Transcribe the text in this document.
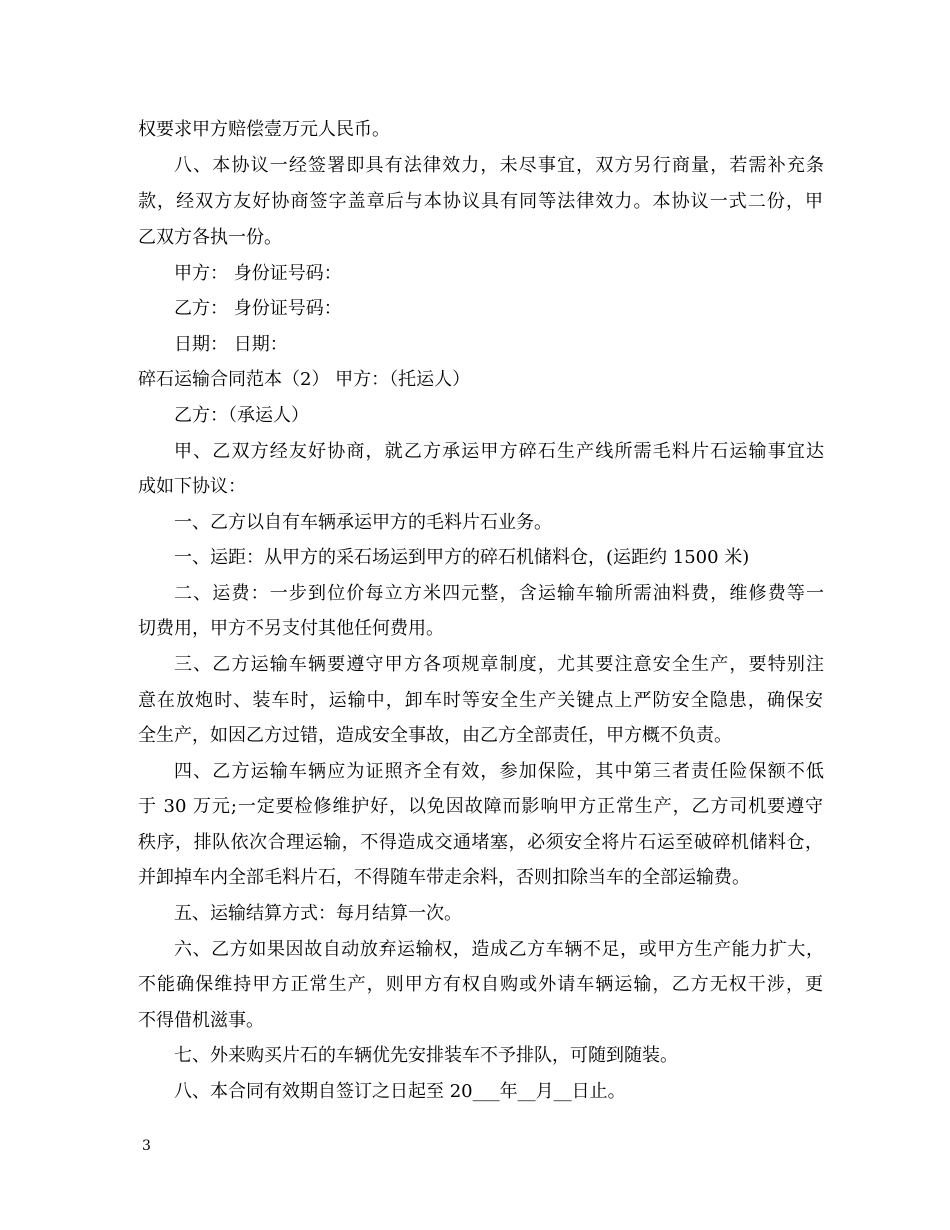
权要求甲方赔偿壹万元人民币。
八、本协议一经签署即具有法律效力，未尽事宜，双方另行商量，若需补充条
款，经双方友好协商签字盖章后与本协议具有同等法律效力。本协议一式二份，甲
乙双方各执一份。
甲方： 身份证号码：
乙方： 身份证号码：
日期： 日期：
碎石运输合同范本（2） 甲方：（托运人）
乙方：（承运人）
甲、乙双方经友好协商，就乙方承运甲方碎石生产线所需毛料片石运输事宜达
成如下协议：
一、乙方以自有车辆承运甲方的毛料片石业务。
一、运距：从甲方的采石场运到甲方的碎石机储料仓，(运距约 1500 米)
二、运费：一步到位价每立方米四元整，含运输车输所需油料费，维修费等一
切费用，甲方不另支付其他任何费用。
三、乙方运输车辆要遵守甲方各项规章制度，尤其要注意安全生产，要特别注
意在放炮时、装车时，运输中，卸车时等安全生产关键点上严防安全隐患，确保安
全生产，如因乙方过错，造成安全事故，由乙方全部责任，甲方概不负责。
四、乙方运输车辆应为证照齐全有效，参加保险，其中第三者责任险保额不低
于 30 万元;一定要检修维护好，以免因故障而影响甲方正常生产，乙方司机要遵守
秩序，排队依次合理运输，不得造成交通堵塞，必须安全将片石运至破碎机储料仓，
并卸掉车内全部毛料片石，不得随车带走余料，否则扣除当车的全部运输费。
五、运输结算方式：每月结算一次。
六、乙方如果因故自动放弃运输权，造成乙方车辆不足，或甲方生产能力扩大，
不能确保维持甲方正常生产，则甲方有权自购或外请车辆运输，乙方无权干涉，更
不得借机滋事。
七、外来购买片石的车辆优先安排装车不予排队，可随到随装。
八、本合同有效期自签订之日起至 20___年__月__日止。
3
